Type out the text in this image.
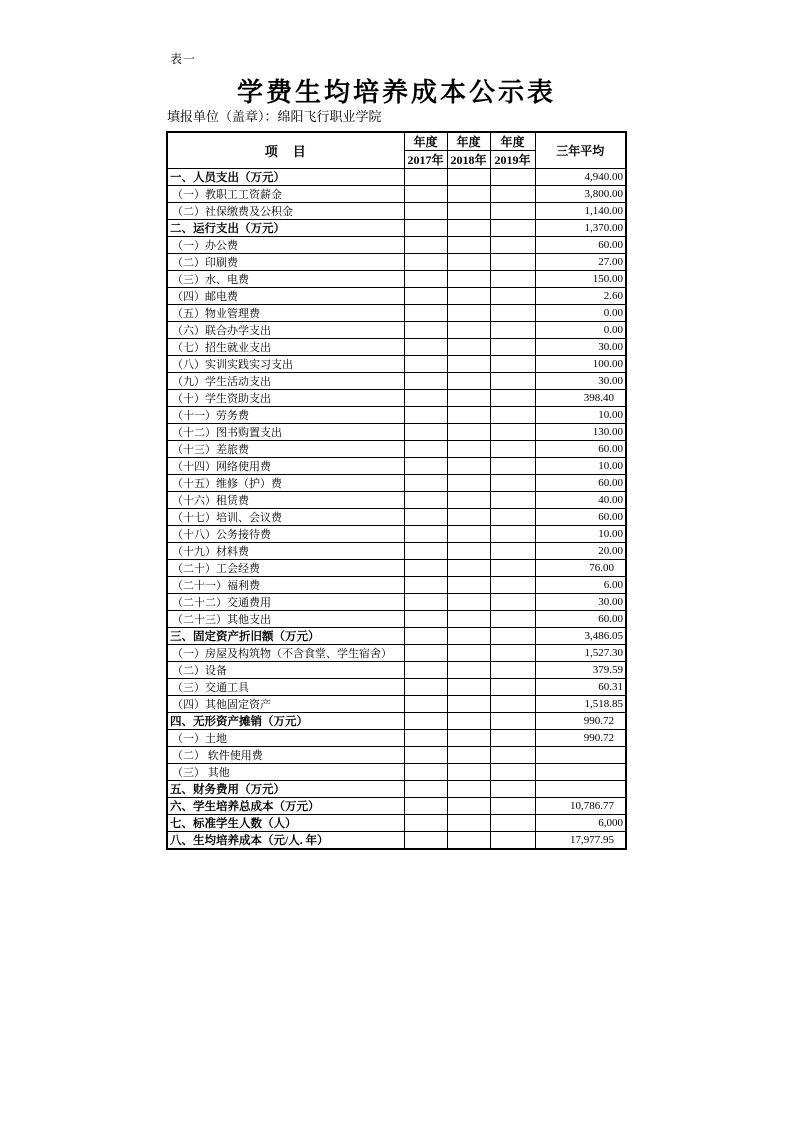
表一
学费生均培养成本公示表
填报单位（盖章）：绵阳飞行职业学院
项　目	年度	年度	年度	三年平均
	2017年	2018年	2019年	
一、人员支出（万元）				4,940.00
（一）教职工工资薪金				3,800.00
（二）社保缴费及公积金				1,140.00
二、运行支出（万元）				1,370.00
（一）办公费				60.00
（二）印刷费				27.00
（三）水、电费				150.00
（四）邮电费				2.60
（五）物业管理费				0.00
（六）联合办学支出				0.00
（七）招生就业支出				30.00
（八）实训实践实习支出				100.00
（九）学生活动支出				30.00
（十）学生资助支出				398.40
（十一）劳务费				10.00
（十二）图书购置支出				130.00
（十三）差旅费				60.00
（十四）网络使用费				10.00
（十五）维修（护）费				60.00
（十六）租赁费				40.00
（十七）培训、会议费				60.00
（十八）公务接待费				10.00
（十九）材料费				20.00
（二十）工会经费				76.00
（二十一）福利费				6.00
（二十二）交通费用				30.00
（二十三）其他支出				60.00
三、固定资产折旧额（万元）				3,486.05
（一）房屋及构筑物（不含食堂、学生宿舍）				1,527.30
（二）设备				379.59
（三）交通工具				60.31
（四）其他固定资产				1,518.85
四、无形资产摊销（万元）				990.72
（一）土地				990.72
（二） 软件使用费				
（三） 其他				
五、财务费用（万元）				
六、学生培养总成本（万元）				10,786.77
七、标准学生人数（人）				6,000
八、生均培养成本（元/人. 年）				17,977.95
